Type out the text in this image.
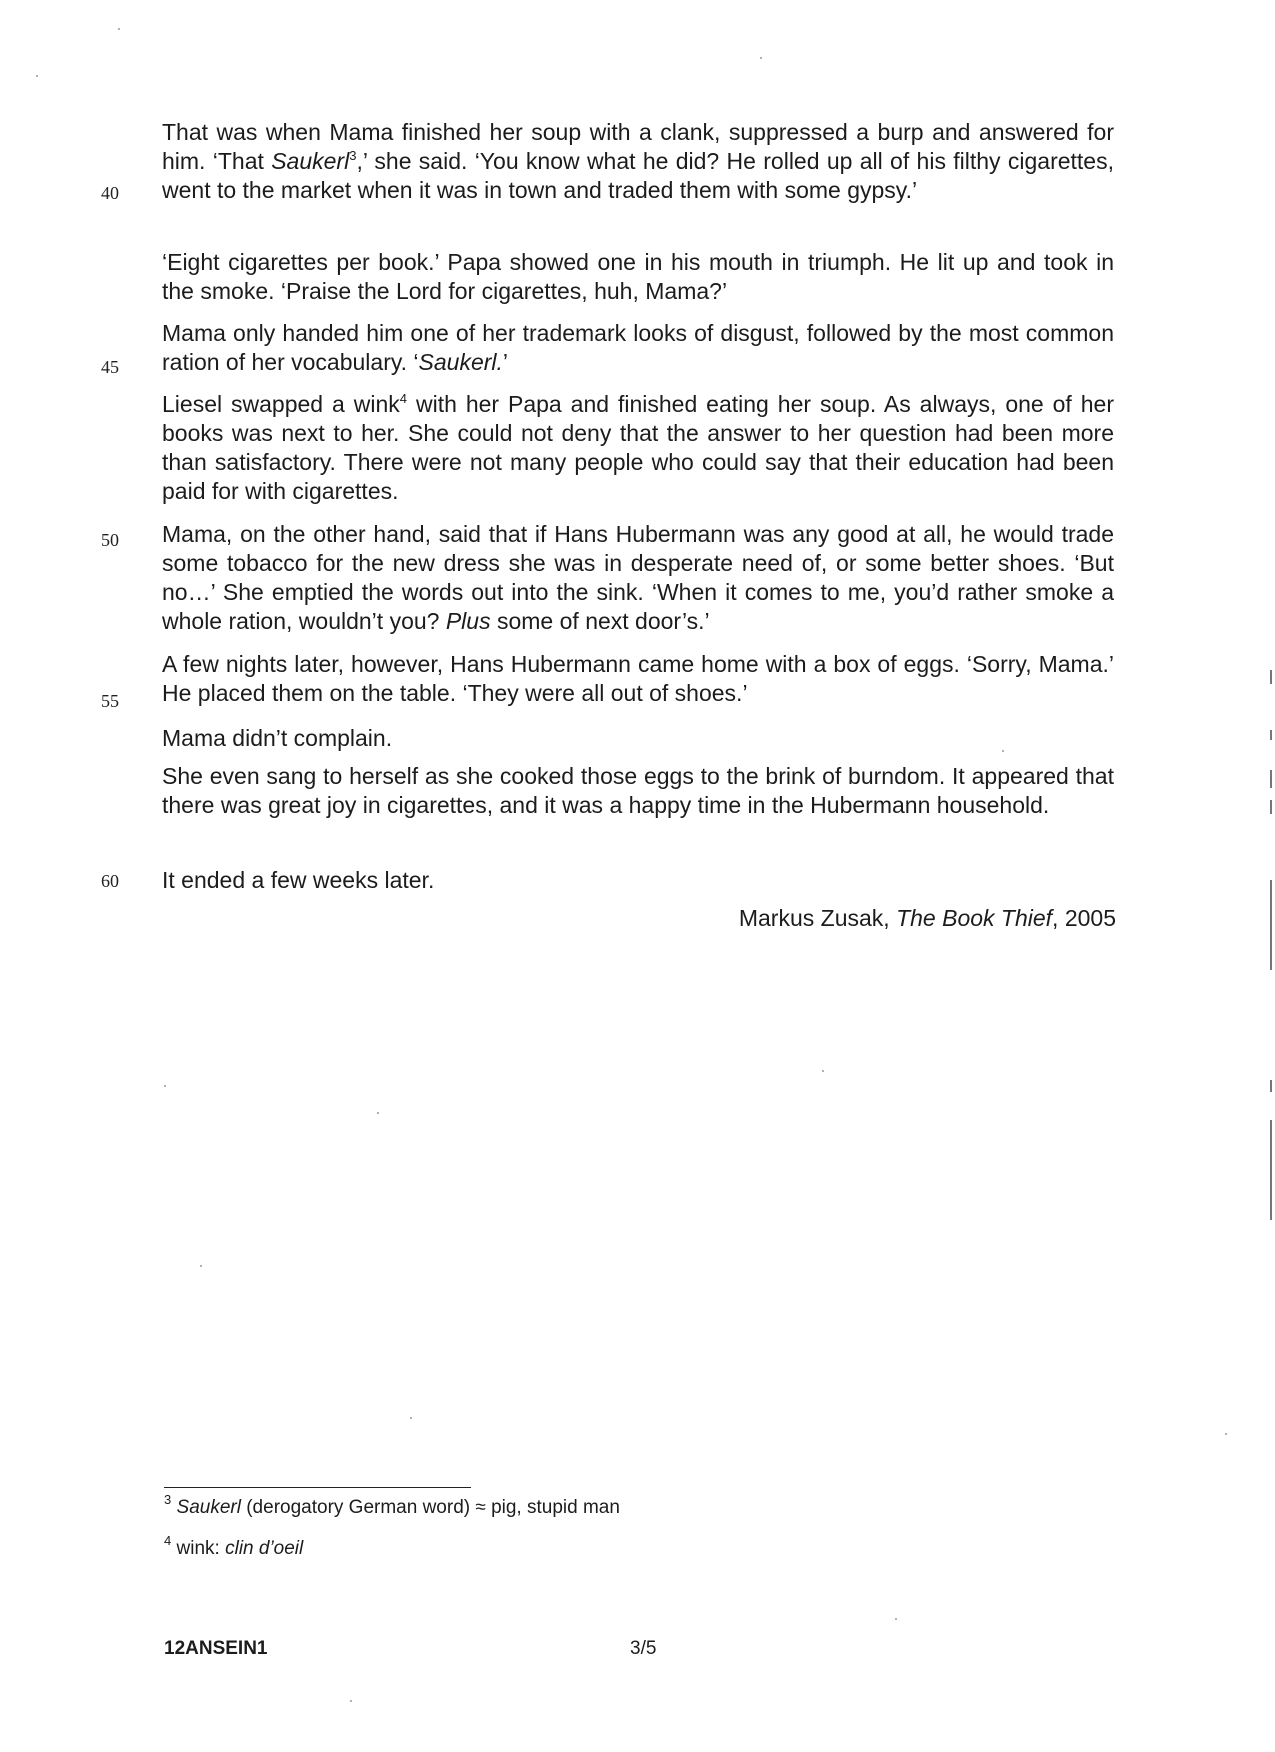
That was when Mama finished her soup with a clank, suppressed a burp and answered for him. ‘That Saukerl$^3$,’ she said. ‘You know what he did? He rolled up all of his filthy cigarettes, went to the market when it was in town and traded them with some gypsy.’

‘Eight cigarettes per book.’ Papa showed one in his mouth in triumph. He lit up and took in the smoke. ‘Praise the Lord for cigarettes, huh, Mama?’

Mama only handed him one of her trademark looks of disgust, followed by the most common ration of her vocabulary. ‘Saukerl.’

Liesel swapped a wink$^4$ with her Papa and finished eating her soup. As always, one of her books was next to her. She could not deny that the answer to her question had been more than satisfactory. There were not many people who could say that their education had been paid for with cigarettes.

Mama, on the other hand, said that if Hans Hubermann was any good at all, he would trade some tobacco for the new dress she was in desperate need of, or some better shoes. ‘But no…’ She emptied the words out into the sink. ‘When it comes to me, you’d rather smoke a whole ration, wouldn’t you? Plus some of next door’s.’

A few nights later, however, Hans Hubermann came home with a box of eggs. ‘Sorry, Mama.’ He placed them on the table. ‘They were all out of shoes.’

Mama didn’t complain.

She even sang to herself as she cooked those eggs to the brink of burndom. It appeared that there was great joy in cigarettes, and it was a happy time in the Hubermann household.

It ended a few weeks later.

40
45
50
55
60
Markus Zusak, The Book Thief, 2005
$^3$ Saukerl (derogatory German word) ≈ pig, stupid man
$^4$ wink: clin d’oeil
12ANSEIN1	3/5
